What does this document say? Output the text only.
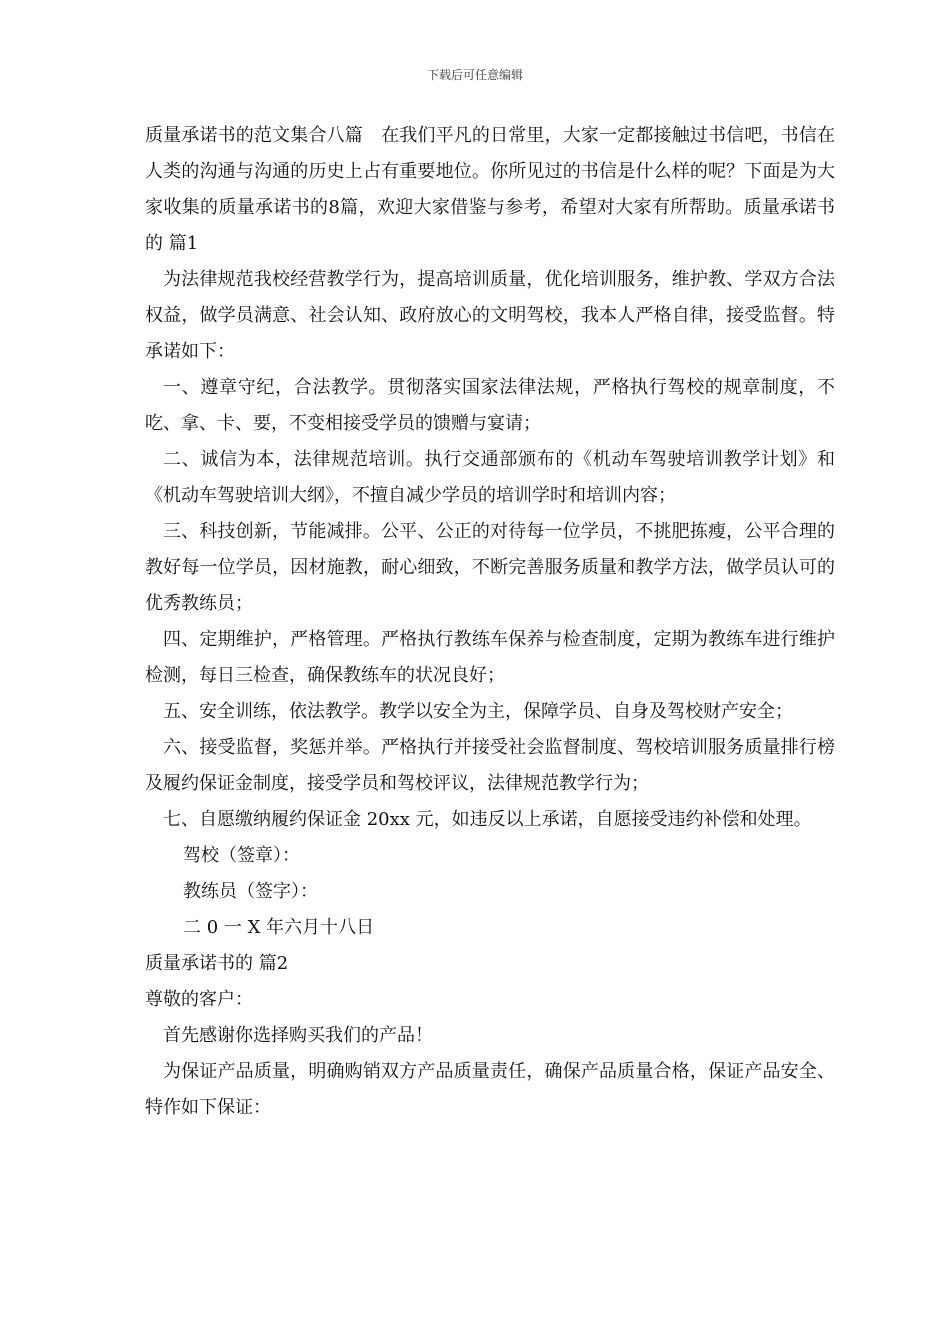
下载后可任意编辑

质量承诺书的范文集合八篇　在我们平凡的日常里，大家一定都接触过书信吧，书信在人类的沟通与沟通的历史上占有重要地位。你所见过的书信是什么样的呢？下面是为大家收集的质量承诺书的8篇，欢迎大家借鉴与参考，希望对大家有所帮助。质量承诺书的 篇1

为法律规范我校经营教学行为，提高培训质量，优化培训服务，维护教、学双方合法权益，做学员满意、社会认知、政府放心的文明驾校，我本人严格自律，接受监督。特承诺如下：

一、遵章守纪，合法教学。贯彻落实国家法律法规，严格执行驾校的规章制度，不吃、拿、卡、要，不变相接受学员的馈赠与宴请；

二、诚信为本，法律规范培训。执行交通部颁布的《机动车驾驶培训教学计划》和《机动车驾驶培训大纲》，不擅自减少学员的培训学时和培训内容；

三、科技创新，节能减排。公平、公正的对待每一位学员，不挑肥拣瘦，公平合理的教好每一位学员，因材施教，耐心细致，不断完善服务质量和教学方法，做学员认可的优秀教练员；

四、定期维护，严格管理。严格执行教练车保养与检查制度，定期为教练车进行维护检测，每日三检查，确保教练车的状况良好；

五、安全训练，依法教学。教学以安全为主，保障学员、自身及驾校财产安全；

六、接受监督，奖惩并举。严格执行并接受社会监督制度、驾校培训服务质量排行榜及履约保证金制度，接受学员和驾校评议，法律规范教学行为；

七、自愿缴纳履约保证金 20xx 元，如违反以上承诺，自愿接受违约补偿和处理。

驾校（签章）：

教练员（签字）：

二 0 一 X 年六月十八日

质量承诺书的 篇2

尊敬的客户：

首先感谢你选择购买我们的产品！

为保证产品质量，明确购销双方产品质量责任，确保产品质量合格，保证产品安全、特作如下保证：
